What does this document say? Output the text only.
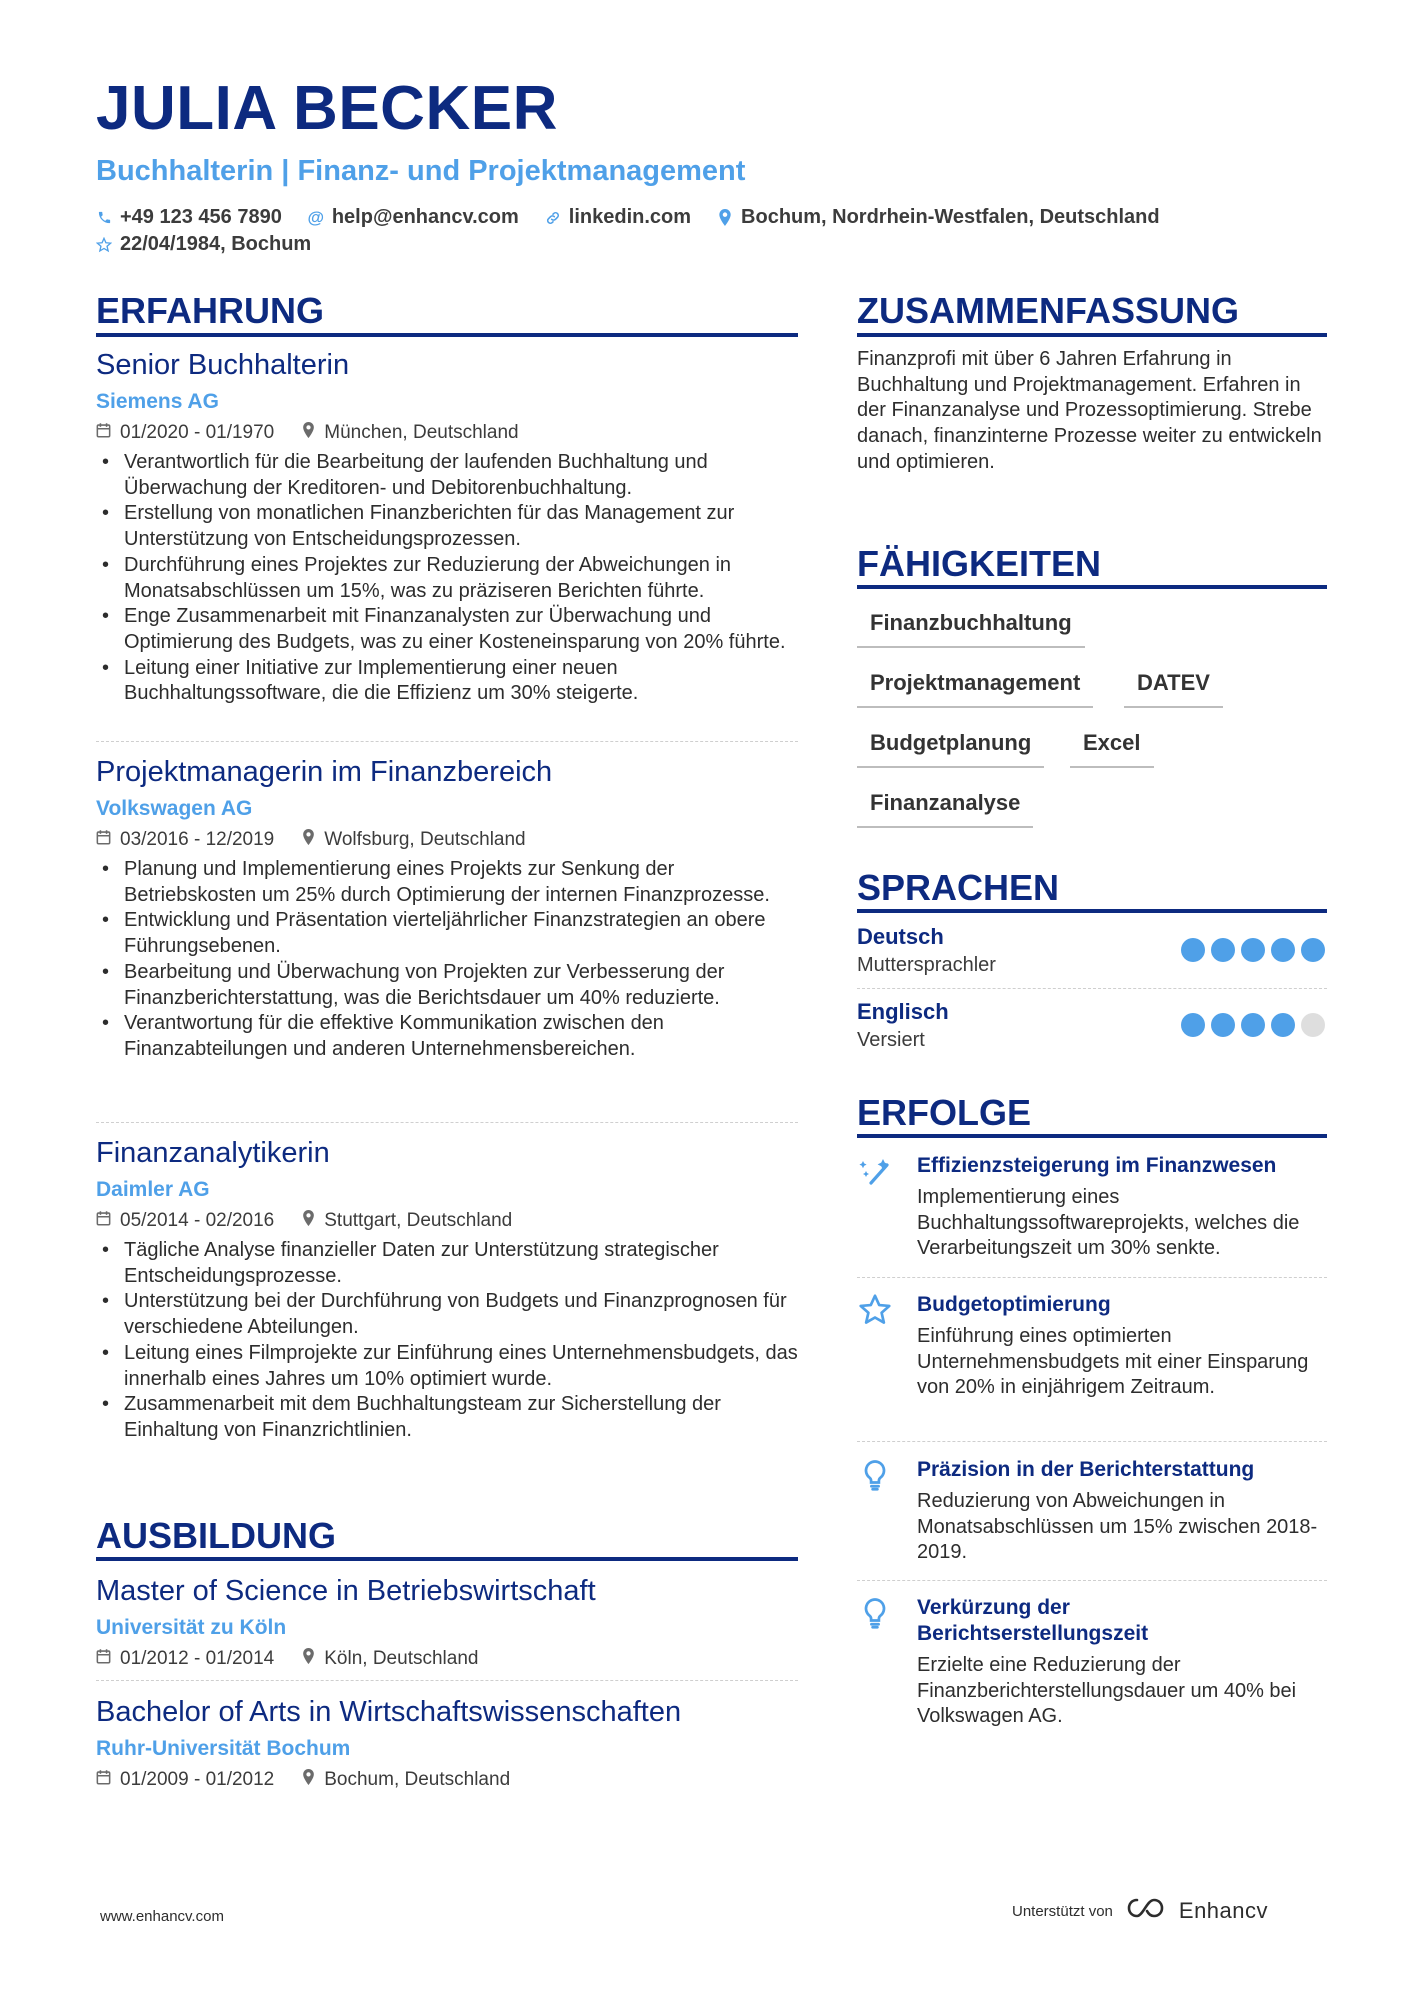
JULIA BECKER
Buchhalterin | Finanz- und Projektmanagement
+49 123 456 7890 @ help@enhancv.com	linkedin.com	Bochum, Nordrhein-Westfalen, Deutschland
22/04/1984, Bochum
ERFAHRUNG
Senior Buchhalterin
Siemens AG
01/2020 - 01/1970	München, Deutschland
• Verantwortlich für die Bearbeitung der laufenden Buchhaltung und Überwachung der Kreditoren- und Debitorenbuchhaltung.
• Erstellung von monatlichen Finanzberichten für das Management zur Unterstützung von Entscheidungsprozessen.
• Durchführung eines Projektes zur Reduzierung der Abweichungen in Monatsabschlüssen um 15%, was zu präziseren Berichten führte.
• Enge Zusammenarbeit mit Finanzanalysten zur Überwachung und Optimierung des Budgets, was zu einer Kosteneinsparung von 20% führte.
• Leitung einer Initiative zur Implementierung einer neuen Buchhaltungssoftware, die die Effizienz um 30% steigerte.
Projektmanagerin im Finanzbereich
Volkswagen AG
03/2016 - 12/2019	Wolfsburg, Deutschland
• Planung und Implementierung eines Projekts zur Senkung der Betriebskosten um 25% durch Optimierung der internen Finanzprozesse.
• Entwicklung und Präsentation vierteljährlicher Finanzstrategien an obere Führungsebenen.
• Bearbeitung und Überwachung von Projekten zur Verbesserung der Finanzberichterstattung, was die Berichtsdauer um 40% reduzierte.
• Verantwortung für die effektive Kommunikation zwischen den Finanzabteilungen und anderen Unternehmensbereichen.
Finanzanalytikerin
Daimler AG
05/2014 - 02/2016	Stuttgart, Deutschland
• Tägliche Analyse finanzieller Daten zur Unterstützung strategischer Entscheidungsprozesse.
• Unterstützung bei der Durchführung von Budgets und Finanzprognosen für verschiedene Abteilungen.
• Leitung eines Filmprojekte zur Einführung eines Unternehmensbudgets, das innerhalb eines Jahres um 10% optimiert wurde.
• Zusammenarbeit mit dem Buchhaltungsteam zur Sicherstellung der Einhaltung von Finanzrichtlinien.
AUSBILDUNG
Master of Science in Betriebswirtschaft
Universität zu Köln
01/2012 - 01/2014	Köln, Deutschland
Bachelor of Arts in Wirtschaftswissenschaften
Ruhr-Universität Bochum
01/2009 - 01/2012	Bochum, Deutschland
ZUSAMMENFASSUNG
Finanzprofi mit über 6 Jahren Erfahrung in Buchhaltung und Projektmanagement. Erfahren in der Finanzanalyse und Prozessoptimierung. Strebe danach, finanzinterne Prozesse weiter zu entwickeln und optimieren.
FÄHIGKEITEN
Finanzbuchhaltung
Projektmanagement	DATEV
Budgetplanung	Excel
Finanzanalyse
SPRACHEN
Deutsch
Muttersprachler
Englisch
Versiert
ERFOLGE
Effizienzsteigerung im Finanzwesen
Implementierung eines Buchhaltungssoftwareprojekts, welches die Verarbeitungszeit um 30% senkte.
Budgetoptimierung
Einführung eines optimierten Unternehmensbudgets mit einer Einsparung von 20% in einjährigem Zeitraum.
Präzision in der Berichterstattung
Reduzierung von Abweichungen in Monatsabschlüssen um 15% zwischen 2018-2019.
Verkürzung der Berichtserstellungszeit
Erzielte eine Reduzierung der Finanzberichterstellungsdauer um 40% bei Volkswagen AG.
www.enhancv.com	Unterstützt von	Enhancv
